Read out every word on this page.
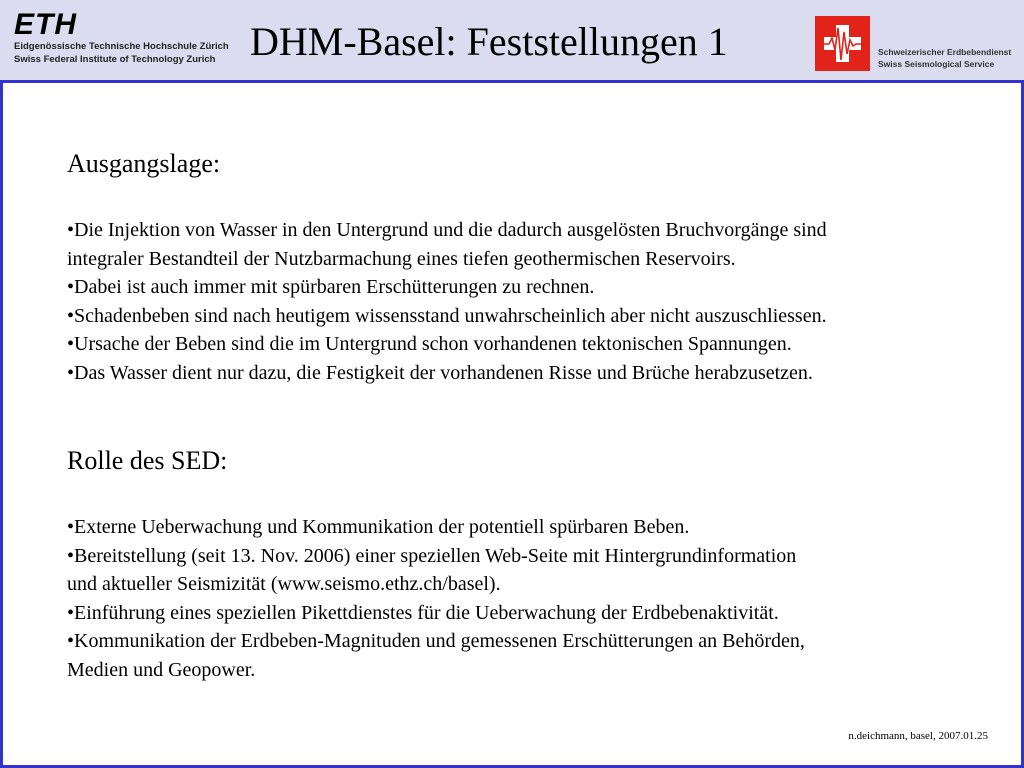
ETH
Eidgenössische Technische Hochschule Zürich
Swiss Federal Institute of Technology Zurich DHM-Basel: Feststellungen 1	Schweizerischer Erdbebendienst
Swiss Seismological Service

Ausgangslage:

•Die Injektion von Wasser in den Untergrund und die dadurch ausgelösten Bruchvorgänge sind

integraler Bestandteil der Nutzbarmachung eines tiefen geothermischen Reservoirs.

•Dabei ist auch immer mit spürbaren Erschütterungen zu rechnen.

•Schadenbeben sind nach heutigem wissensstand unwahrscheinlich aber nicht auszuschliessen.

•Ursache der Beben sind die im Untergrund schon vorhandenen tektonischen Spannungen.

•Das Wasser dient nur dazu, die Festigkeit der vorhandenen Risse und Brüche herabzusetzen.

Rolle des SED:

•Externe Ueberwachung und Kommunikation der potentiell spürbaren Beben.

•Bereitstellung (seit 13. Nov. 2006) einer speziellen Web-Seite mit Hintergrundinformation

und aktueller Seismizität (www.seismo.ethz.ch/basel).

•Einführung eines speziellen Pikettdienstes für die Ueberwachung der Erdbebenaktivität.

•Kommunikation der Erdbeben-Magnituden und gemessenen Erschütterungen an Behörden,

Medien und Geopower.

n.deichmann, basel, 2007.01.25
